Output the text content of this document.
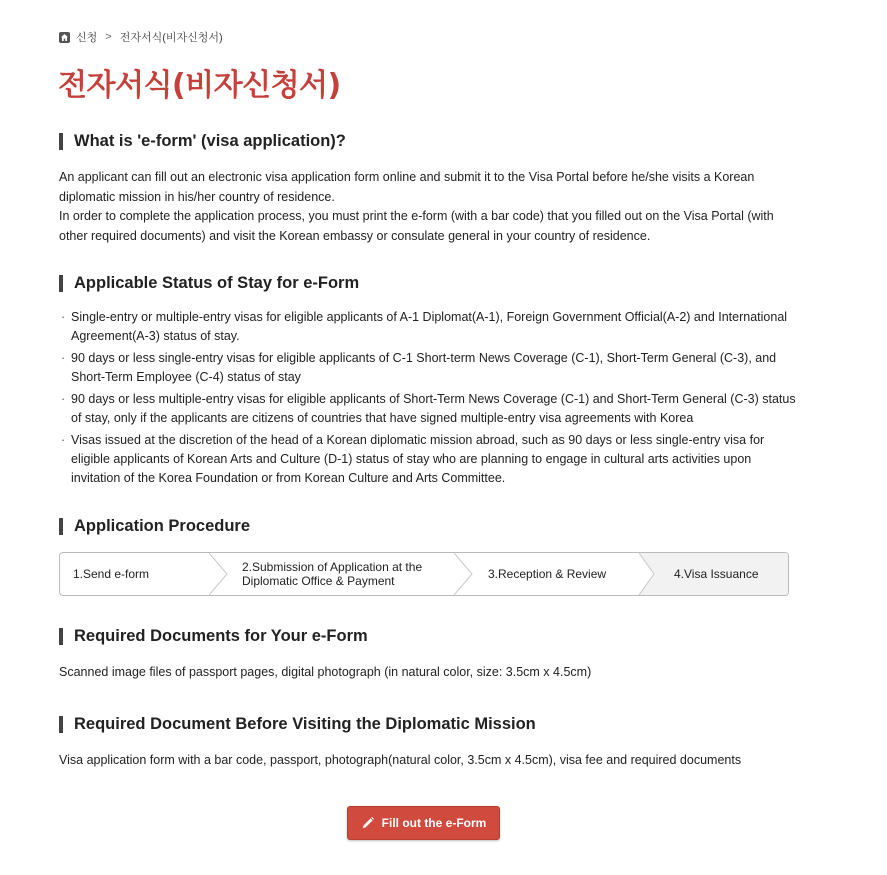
신청 > 전자서식(비자신청서)
전자서식(비자신청서)
What is 'e-form' (visa application)?

An applicant can fill out an electronic visa application form online and submit it to the Visa Portal before he/she visits a Korean diplomatic mission in his/her country of residence.

In order to complete the application process, you must print the e-form (with a bar code) that you filled out on the Visa Portal (with other required documents) and visit the Korean embassy or consulate general in your country of residence.

Applicable Status of Stay for e-Form
· Single-entry or multiple-entry visas for eligible applicants of A-1 Diplomat(A-1), Foreign Government Official(A-2) and International Agreement(A-3) status of stay.
· 90 days or less single-entry visas for eligible applicants of C-1 Short-term News Coverage (C-1), Short-Term General (C-3), and Short-Term Employee (C-4) status of stay
· 90 days or less multiple-entry visas for eligible applicants of Short-Term News Coverage (C-1) and Short-Term General (C-3) status of stay, only if the applicants are citizens of countries that have signed multiple-entry visa agreements with Korea
· Visas issued at the discretion of the head of a Korean diplomatic mission abroad, such as 90 days or less single-entry visa for eligible applicants of Korean Arts and Culture (D-1) status of stay who are planning to engage in cultural arts activities upon invitation of the Korea Foundation or from Korean Culture and Arts Committee.
Application Procedure
1.Send e-form	2.Submission of Application at the
Diplomatic Office & Payment	3.Reception & Review	4.Visa Issuance
Required Documents for Your e-Form

Scanned image files of passport pages, digital photograph (in natural color, size: 3.5cm x 4.5cm)

Required Document Before Visiting the Diplomatic Mission

Visa application form with a bar code, passport, photograph(natural color, 3.5cm x 4.5cm), visa fee and required documents

Fill out the e-Form
